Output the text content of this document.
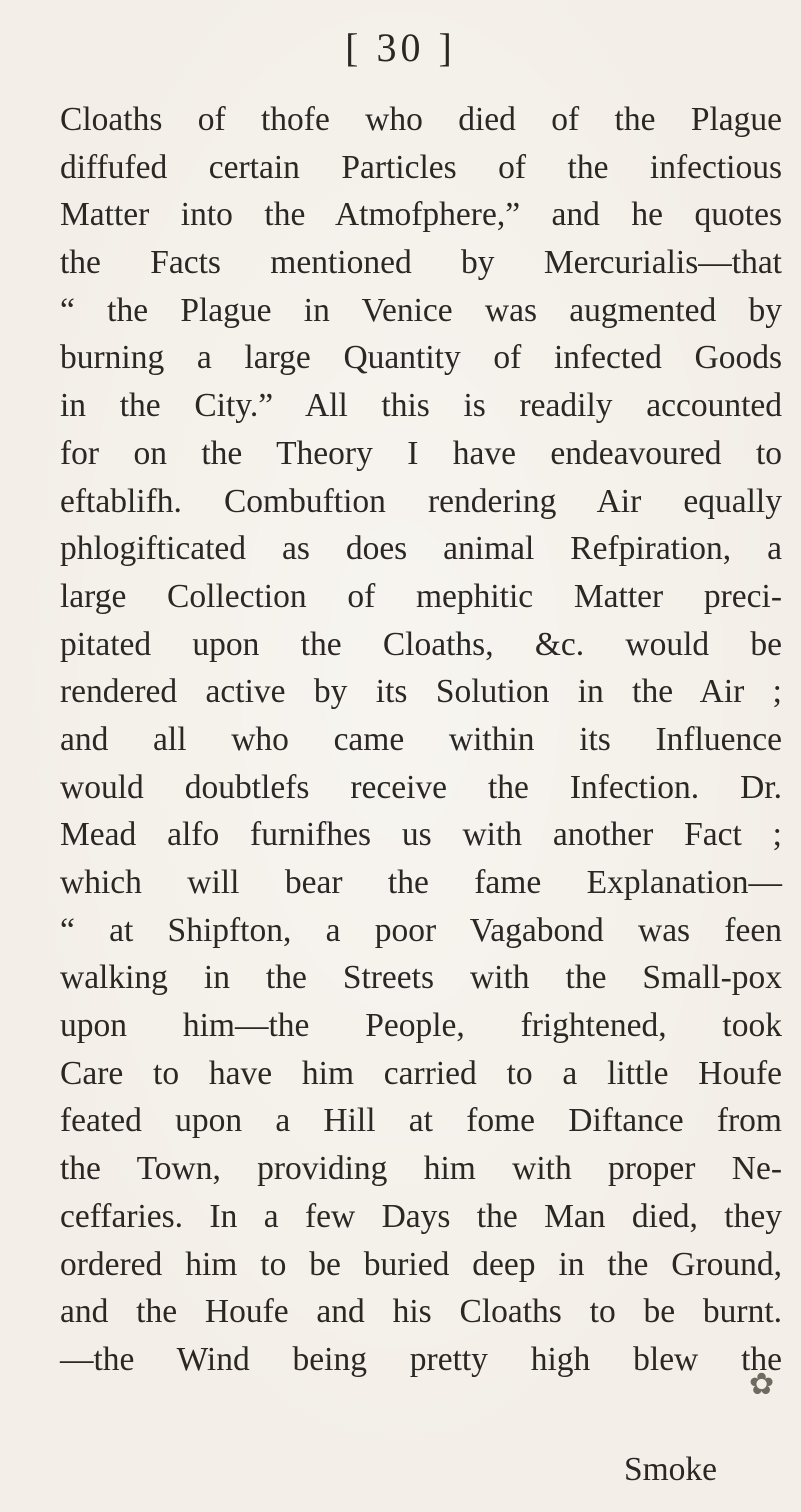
[ 30 ]
Cloaths of thofe who died of the Plague
diffufed certain Particles of the infectious
Matter into the Atmofphere,” and he quotes
the Facts mentioned by Mercurialis—that
“ the Plague in Venice was augmented by
burning a large Quantity of infected Goods
in the City.” All this is readily accounted
for on the Theory I have endeavoured to
eftablifh. Combuftion rendering Air equally
phlogifticated as does animal Refpiration, a
large Collection of mephitic Matter preci-
pitated upon the Cloaths, &c. would be
rendered active by its Solution in the Air ;
and all who came within its Influence
would doubtlefs receive the Infection. Dr.
Mead alfo furnifhes us with another Fact ;
which will bear the fame Explanation—
“ at Shipfton, a poor Vagabond was feen
walking in the Streets with the Small-pox
upon him—the People, frightened, took
Care to have him carried to a little Houfe
feated upon a Hill at fome Diftance from
the Town, providing him with proper Ne-
ceffaries. In a few Days the Man died, they
ordered him to be buried deep in the Ground,
and the Houfe and his Cloaths to be burnt.
—the Wind being pretty high blew the
✿
Smoke
